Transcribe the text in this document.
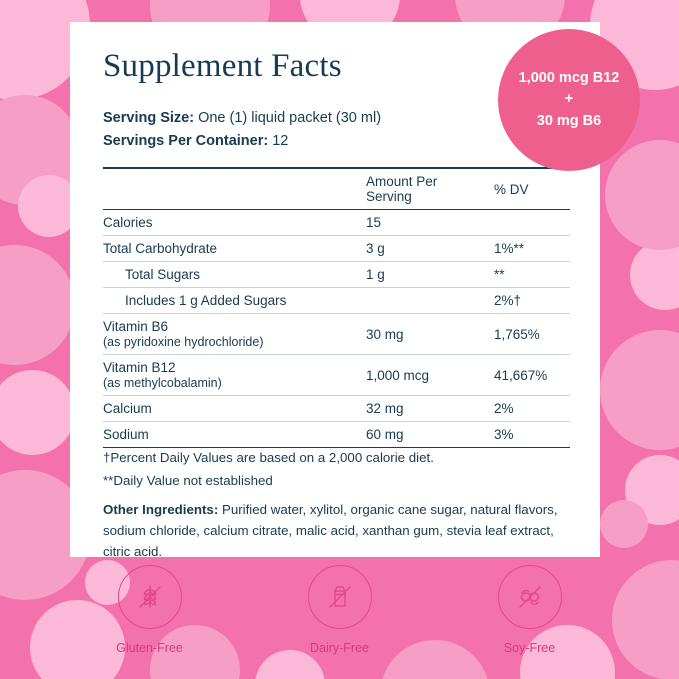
Supplement Facts
Serving Size: One (1) liquid packet (30 ml)
Servings Per Container: 12
	Amount Per Serving	% DV
Calories	15	
Total Carbohydrate	3 g	1%**
Total Sugars	1 g	**
Includes 1 g Added Sugars		2%†
Vitamin B6
(as pyridoxine hydrochloride)	30 mg	1,765%
Vitamin B12
(as methylcobalamin)	1,000 mcg	41,667%
Calcium	32 mg	2%
Sodium	60 mg	3%

†Percent Daily Values are based on a 2,000 calorie diet.

**Daily Value not established

Other Ingredients: Purified water, xylitol, organic cane sugar, natural flavors, sodium chloride, calcium citrate, malic acid, xanthan gum, stevia leaf extract, citric acid.

1,000 mcg B12
+
30 mg B6
Gluten-Free	Dairy-Free	Soy-Free
